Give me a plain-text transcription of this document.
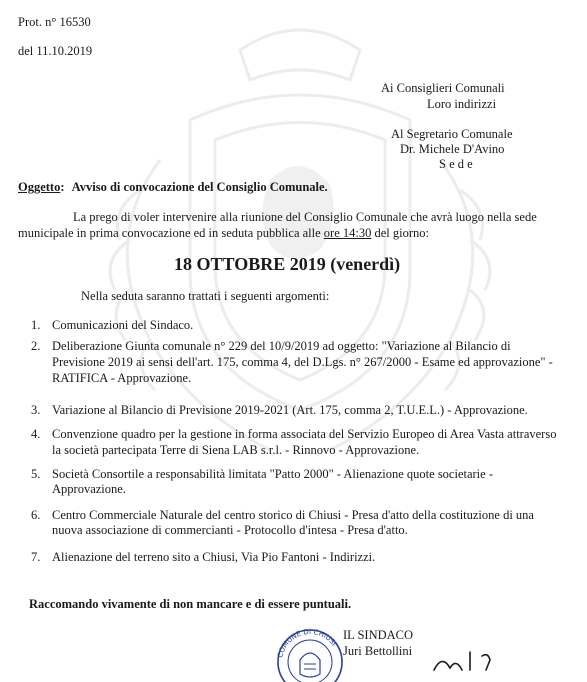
Prot. n° 16530
del 11.10.2019
Ai Consiglieri Comunali
Loro indirizzi
Al Segretario Comunale
Dr. Michele D'Avino
S e d e
Oggetto: Avviso di convocazione del Consiglio Comunale.
La prego di voler intervenire alla riunione del Consiglio Comunale che avrà luogo nella sede
municipale in prima convocazione ed in seduta pubblica alle ore 14:30 del giorno:
18 OTTOBRE 2019 (venerdì)
Nella seduta saranno trattati i seguenti argomenti:
1. Comunicazioni del Sindaco.
2. Deliberazione Giunta comunale n° 229 del 10/9/2019 ad oggetto: "Variazione al Bilancio di
Previsione 2019 ai sensi dell'art. 175, comma 4, del D.Lgs. n° 267/2000 - Esame ed approvazione" -
RATIFICA - Approvazione.
3. Variazione al Bilancio di Previsione 2019-2021 (Art. 175, comma 2, T.U.E.L.) - Approvazione.
4. Convenzione quadro per la gestione in forma associata del Servizio Europeo di Area Vasta attraverso
la società partecipata Terre di Siena LAB s.r.l. - Rinnovo - Approvazione.
5. Società Consortile a responsabilità limitata "Patto 2000" - Alienazione quote societarie -
Approvazione.
6. Centro Commerciale Naturale del centro storico di Chiusi - Presa d'atto della costituzione di una
nuova associazione di commercianti - Protocollo d'intesa - Presa d'atto.
7. Alienazione del terreno sito a Chiusi, Via Pio Fantoni - Indirizzi.
Raccomando vivamente di non mancare e di essere puntuali.
COMUNE DI CHIUSI
IL SINDACO
Juri Bettollini
